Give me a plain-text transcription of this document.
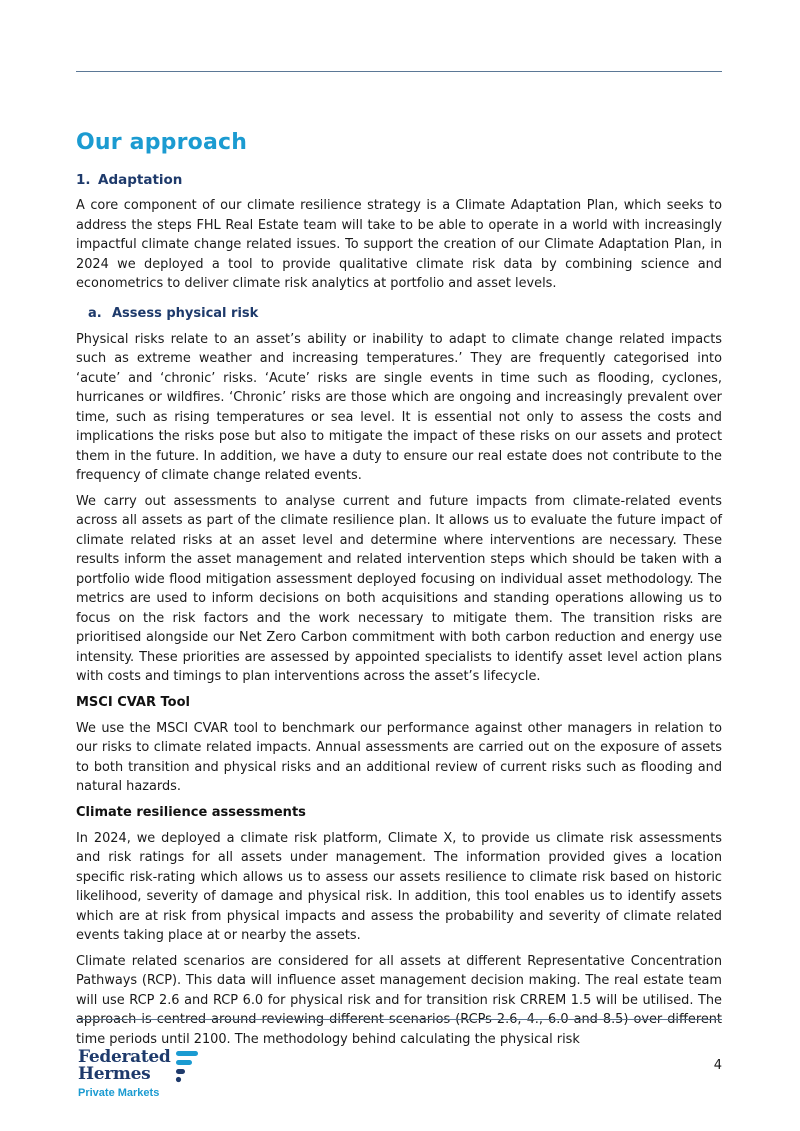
Our approach
1. Adaptation

A core component of our climate resilience strategy is a Climate Adaptation Plan, which seeks to address the steps FHL Real Estate team will take to be able to operate in a world with increasingly impactful climate change related issues. To support the creation of our Climate Adaptation Plan, in 2024 we deployed a tool to provide qualitative climate risk data by combining science and econometrics to deliver climate risk analytics at portfolio and asset levels.

a. Assess physical risk

Physical risks relate to an asset’s ability or inability to adapt to climate change related impacts such as extreme weather and increasing temperatures.’ They are frequently categorised into ‘acute’ and ‘chronic’ risks. ‘Acute’ risks are single events in time such as flooding, cyclones, hurricanes or wildfires. ‘Chronic’ risks are those which are ongoing and increasingly prevalent over time, such as rising temperatures or sea level. It is essential not only to assess the costs and implications the risks pose but also to mitigate the impact of these risks on our assets and protect them in the future. In addition, we have a duty to ensure our real estate does not contribute to the frequency of climate change related events.

We carry out assessments to analyse current and future impacts from climate-related events across all assets as part of the climate resilience plan. It allows us to evaluate the future impact of climate related risks at an asset level and determine where interventions are necessary. These results inform the asset management and related intervention steps which should be taken with a portfolio wide flood mitigation assessment deployed focusing on individual asset methodology. The metrics are used to inform decisions on both acquisitions and standing operations allowing us to focus on the risk factors and the work necessary to mitigate them. The transition risks are prioritised alongside our Net Zero Carbon commitment with both carbon reduction and energy use intensity. These priorities are assessed by appointed specialists to identify asset level action plans with costs and timings to plan interventions across the asset’s lifecycle.

MSCI CVAR Tool

We use the MSCI CVAR tool to benchmark our performance against other managers in relation to our risks to climate related impacts. Annual assessments are carried out on the exposure of assets to both transition and physical risks and an additional review of current risks such as flooding and natural hazards.

Climate resilience assessments

In 2024, we deployed a climate risk platform, Climate X, to provide us climate risk assessments and risk ratings for all assets under management. The information provided gives a location specific risk-rating which allows us to assess our assets resilience to climate risk based on historic likelihood, severity of damage and physical risk. In addition, this tool enables us to identify assets which are at risk from physical impacts and assess the probability and severity of climate related events taking place at or nearby the assets.

Climate related scenarios are considered for all assets at different Representative Concentration Pathways (RCP). This data will influence asset management decision making. The real estate team will use RCP 2.6 and RCP 6.0 for physical risk and for transition risk CRREM 1.5 will be utilised. The approach is centred around reviewing different scenarios (RCPs 2.6, 4., 6.0 and 8.5) over different time periods until 2100. The methodology behind calculating the physical risk

Federated
Hermes
Private Markets
4
